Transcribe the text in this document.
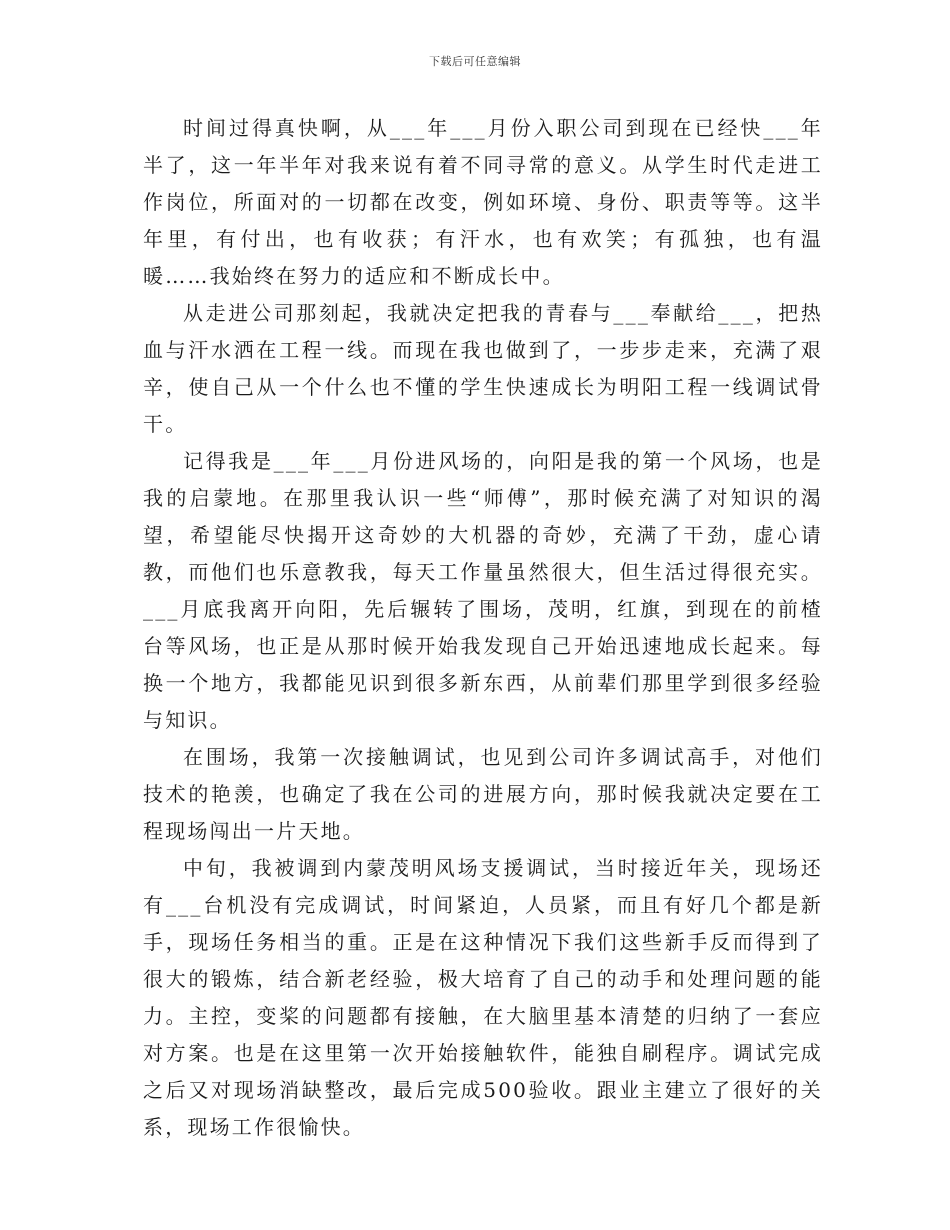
下载后可任意编辑

时间过得真快啊，从___年___月份入职公司到现在已经快___年半了，这一年半年对我来说有着不同寻常的意义。从学生时代走进工作岗位，所面对的一切都在改变，例如环境、身份、职责等等。这半年里，有付出，也有收获；有汗水，也有欢笑；有孤独，也有温暖……我始终在努力的适应和不断成长中。

从走进公司那刻起，我就决定把我的青春与___奉献给___，把热血与汗水洒在工程一线。而现在我也做到了，一步步走来，充满了艰辛，使自己从一个什么也不懂的学生快速成长为明阳工程一线调试骨干。

记得我是___年___月份进风场的，向阳是我的第一个风场，也是我的启蒙地。在那里我认识一些“师傅”，那时候充满了对知识的渴望，希望能尽快揭开这奇妙的大机器的奇妙，充满了干劲，虚心请教，而他们也乐意教我，每天工作量虽然很大，但生活过得很充实。___月底我离开向阳，先后辗转了围场，茂明，红旗，到现在的前楂台等风场，也正是从那时候开始我发现自己开始迅速地成长起来。每换一个地方，我都能见识到很多新东西，从前辈们那里学到很多经验与知识。

在围场，我第一次接触调试，也见到公司许多调试高手，对他们技术的艳羡，也确定了我在公司的进展方向，那时候我就决定要在工程现场闯出一片天地。

中旬，我被调到内蒙茂明风场支援调试，当时接近年关，现场还有___台机没有完成调试，时间紧迫，人员紧，而且有好几个都是新手，现场任务相当的重。正是在这种情况下我们这些新手反而得到了很大的锻炼，结合新老经验，极大培育了自己的动手和处理问题的能力。主控，变桨的问题都有接触，在大脑里基本清楚的归纳了一套应对方案。也是在这里第一次开始接触软件，能独自刷程序。调试完成之后又对现场消缺整改，最后完成500验收。跟业主建立了很好的关系，现场工作很愉快。
